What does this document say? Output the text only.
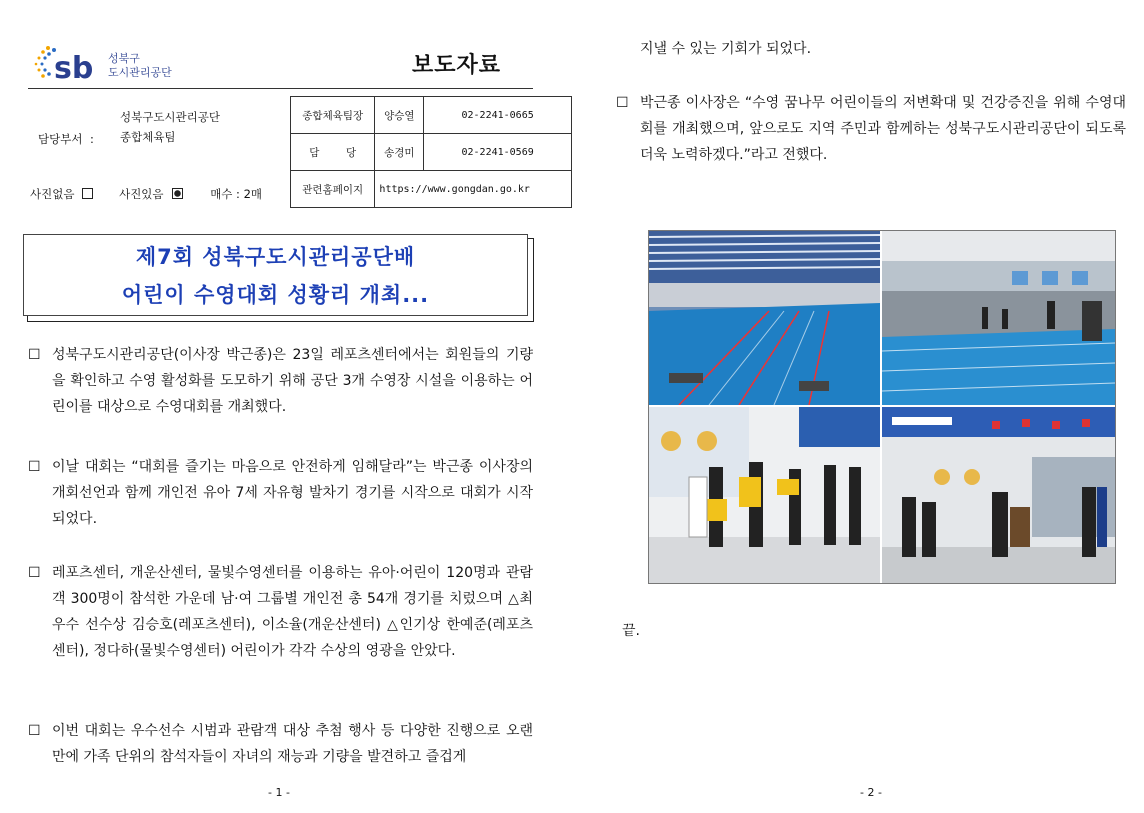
sb 성북구
도시관리공단	보도자료
성북구도시관리공단
담당부서 : 종합체육팀
사진없음	사진있음	매수 : 2매
종합체육팀장	양승열	02-2241-0665
담        당	송경미	02-2241-0569
관련홈페이지	https://www.gongdan.go.kr	
제7회 성북구도시관리공단배
어린이 수영대회 성황리 개최...
☐ 성북구도시관리공단(이사장 박근종)은 23일 레포츠센터에서는 회원들의 기량을 확인하고 수영 활성화를 도모하기 위해 공단 3개 수영장 시설을 이용하는 어린이를 대상으로 수영대회를 개최했다.
☐ 이날 대회는 “대회를 즐기는 마음으로 안전하게 임해달라”는 박근종 이사장의 개회선언과 함께 개인전 유아 7세 자유형 발차기 경기를 시작으로 대회가 시작되었다.
☐ 레포츠센터, 개운산센터, 물빛수영센터를 이용하는 유아·어린이 120명과 관람객 300명이 참석한 가운데 남·여 그룹별 개인전 총 54개 경기를 치렀으며 △최우수 선수상 김승호(레포츠센터), 이소율(개운산센터) △인기상 한예준(레포츠센터), 정다하(물빛수영센터) 어린이가 각각 수상의 영광을 안았다.
☐ 이번 대회는 우수선수 시범과 관람객 대상 추첨 행사 등 다양한 진행으로 오랜만에 가족 단위의 참석자들이 자녀의 재능과 기량을 발견하고 즐겁게
- 1 -
지낼 수 있는 기회가 되었다.
☐ 박근종 이사장은 “수영 꿈나무 어린이들의 저변확대 및 건강증진을 위해 수영대회를 개최했으며, 앞으로도 지역 주민과 함께하는 성북구도시관리공단이 되도록 더욱 노력하겠다.”라고 전했다.
끝.
- 2 -
